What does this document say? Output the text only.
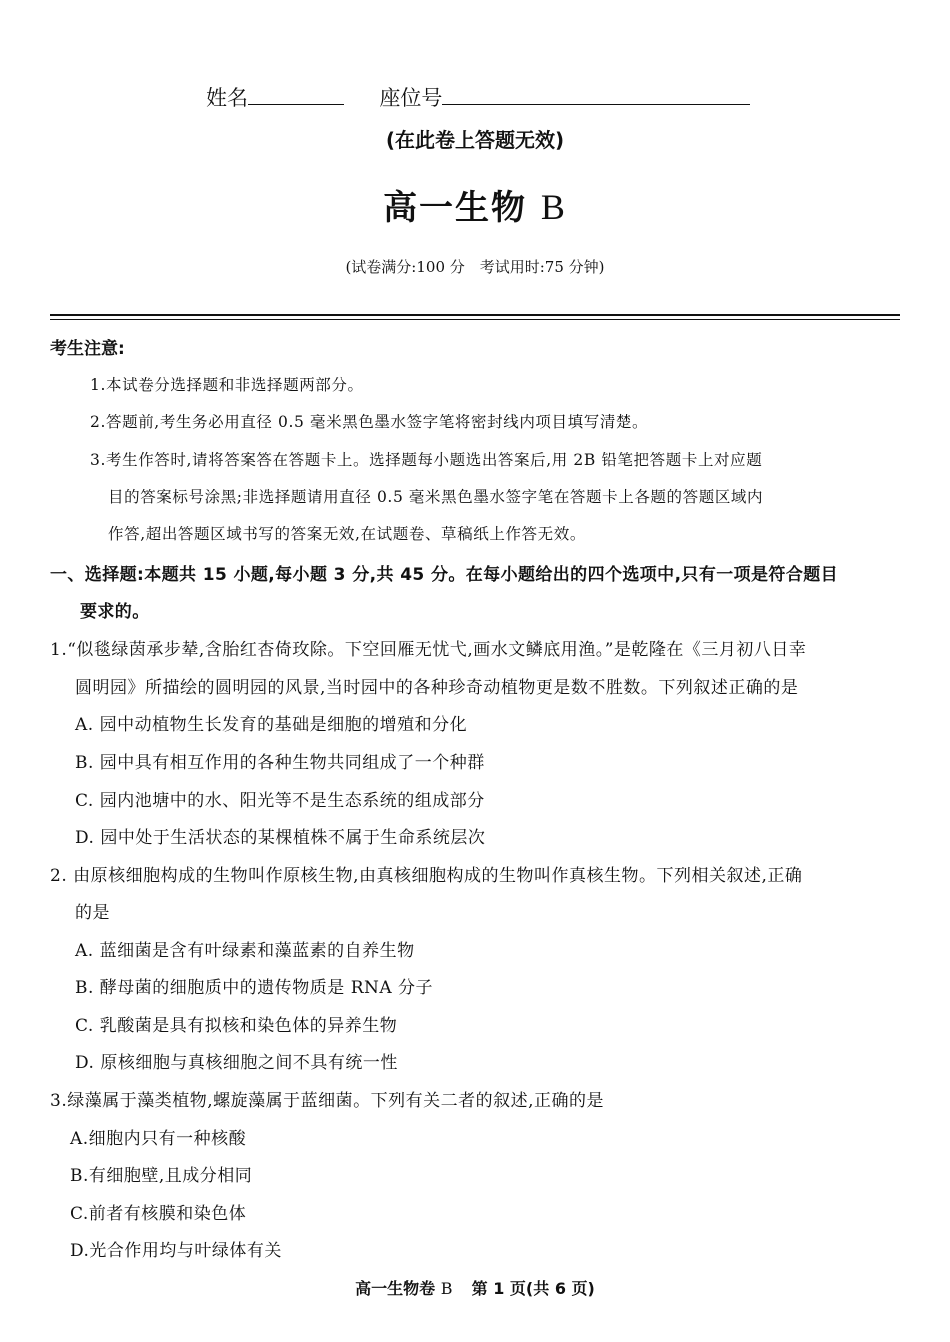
姓名	座位号
(在此卷上答题无效)
高一生物 B
(试卷满分:100 分　考试用时:75 分钟)
考生注意:
1.本试卷分选择题和非选择题两部分。
2.答题前,考生务必用直径 0.5 毫米黑色墨水签字笔将密封线内项目填写清楚。
3.考生作答时,请将答案答在答题卡上。选择题每小题选出答案后,用 2B 铅笔把答题卡上对应题
目的答案标号涂黑;非选择题请用直径 0.5 毫米黑色墨水签字笔在答题卡上各题的答题区域内
作答,超出答题区域书写的答案无效,在试题卷、草稿纸上作答无效。
一、选择题:本题共 15 小题,每小题 3 分,共 45 分。在每小题给出的四个选项中,只有一项是符合题目
要求的。
1.“似毯绿茵承步辇,含胎红杏倚玫除。下空回雁无忧弋,画水文鳞底用渔。”是乾隆在《三月初八日幸
圆明园》所描绘的圆明园的风景,当时园中的各种珍奇动植物更是数不胜数。下列叙述正确的是
A. 园中动植物生长发育的基础是细胞的增殖和分化
B. 园中具有相互作用的各种生物共同组成了一个种群
C. 园内池塘中的水、阳光等不是生态系统的组成部分
D. 园中处于生活状态的某棵植株不属于生命系统层次
2. 由原核细胞构成的生物叫作原核生物,由真核细胞构成的生物叫作真核生物。下列相关叙述,正确
的是
A. 蓝细菌是含有叶绿素和藻蓝素的自养生物
B. 酵母菌的细胞质中的遗传物质是 RNA 分子
C. 乳酸菌是具有拟核和染色体的异养生物
D. 原核细胞与真核细胞之间不具有统一性
3.绿藻属于藻类植物,螺旋藻属于蓝细菌。下列有关二者的叙述,正确的是
A.细胞内只有一种核酸
B.有细胞壁,且成分相同
C.前者有核膜和染色体
D.光合作用均与叶绿体有关
高一生物卷 B 第 1 页(共 6 页)
